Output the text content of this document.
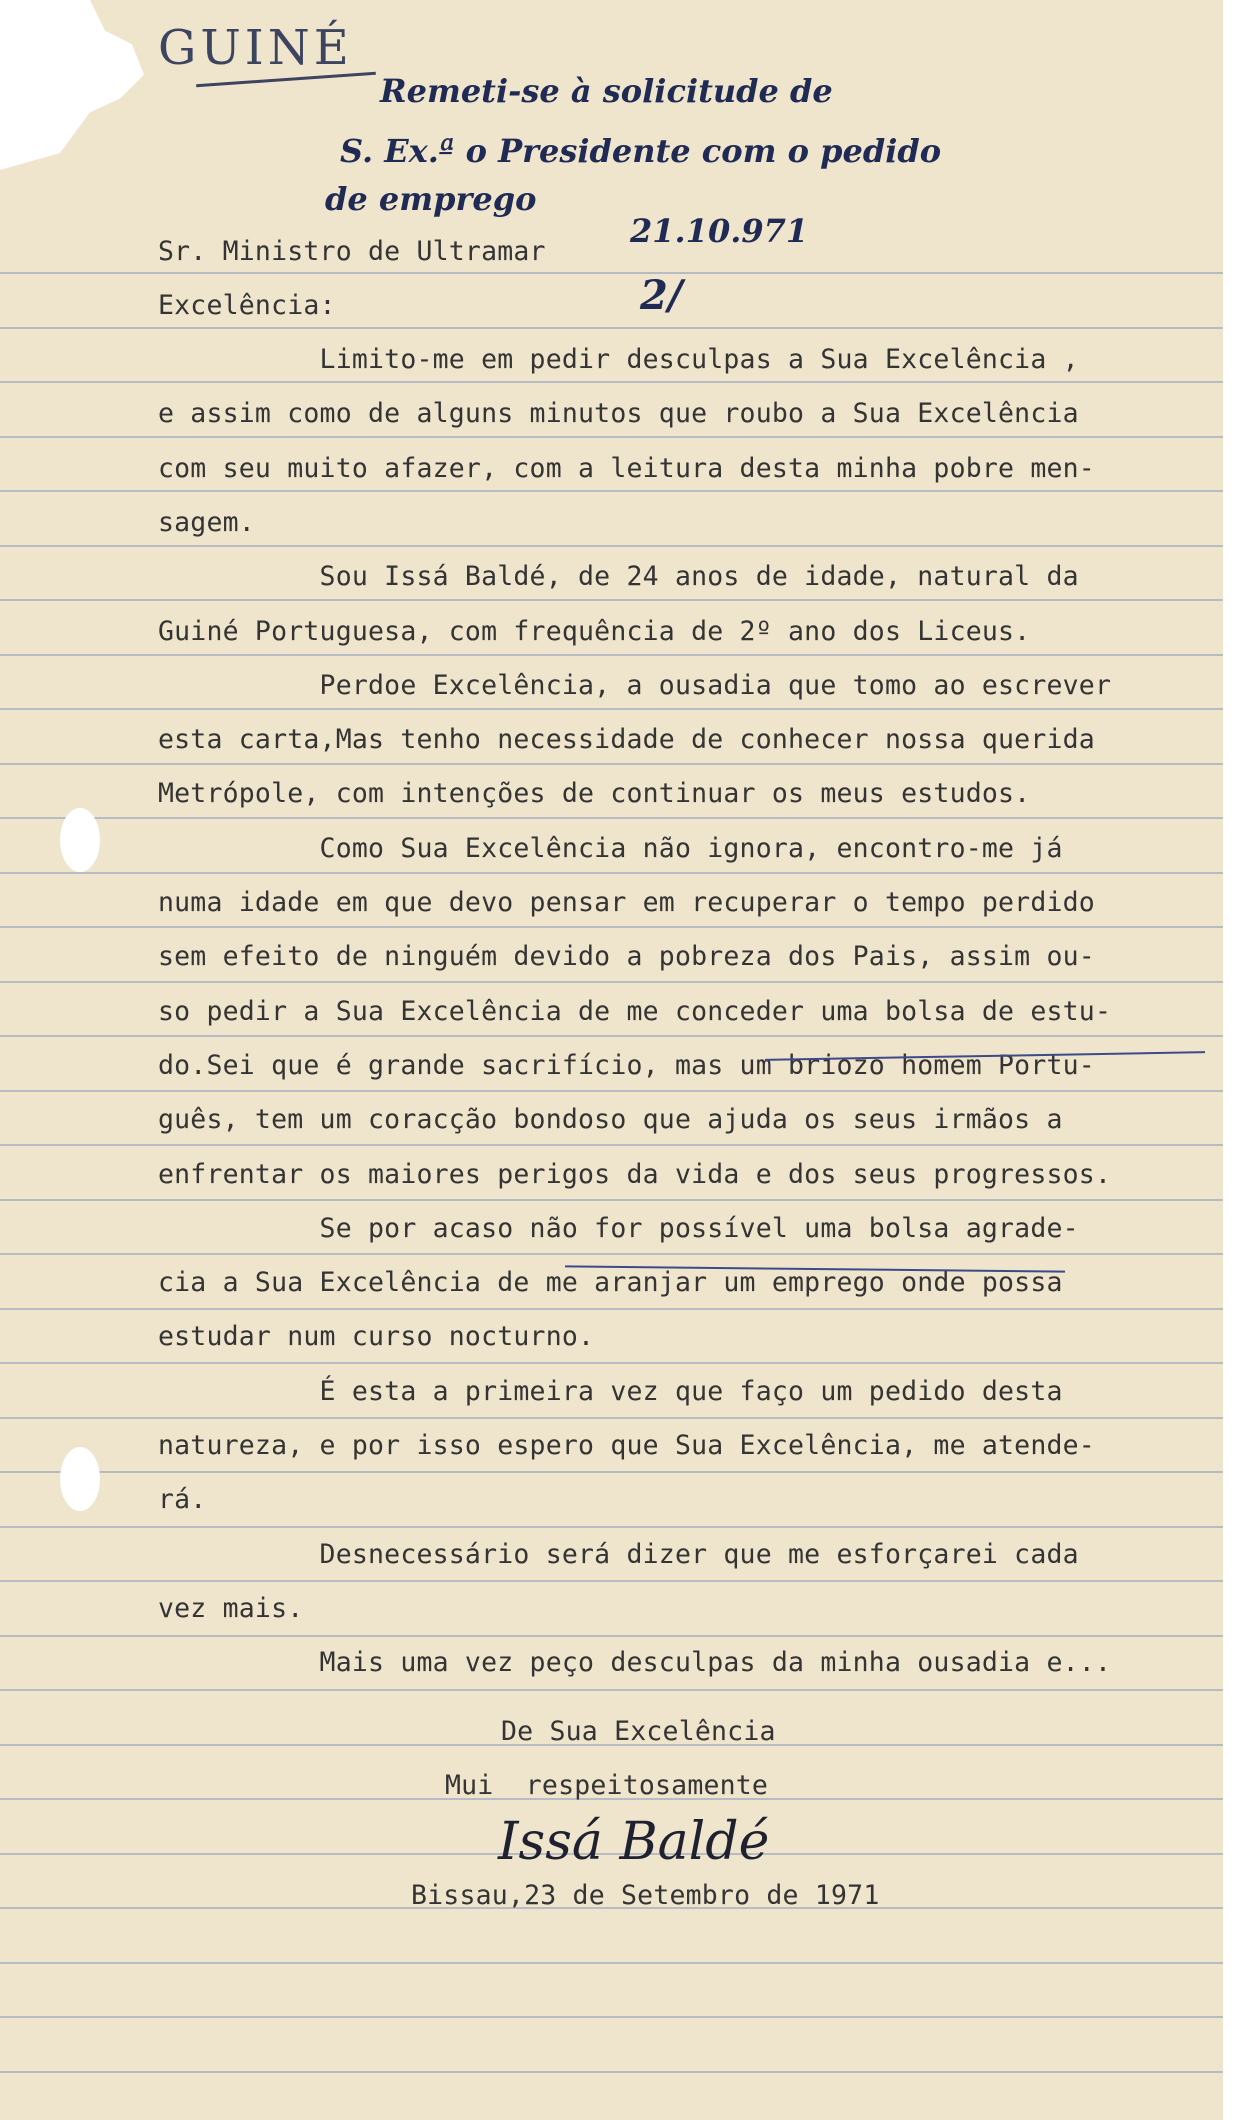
GUINÉ
Remeti-se à solicitude de
S. Ex.ª o Presidente com o pedido
de emprego
21.10.971
2/
Sr. Ministro de Ultramar
Excelência:
Limito-me em pedir desculpas a Sua Excelência ,
e assim como de alguns minutos que roubo a Sua Excelência
com seu muito afazer, com a leitura desta minha pobre men-
sagem.
Sou Issá Baldé, de 24 anos de idade, natural da
Guiné Portuguesa, com frequência de 2º ano dos Liceus.
Perdoe Excelência, a ousadia que tomo ao escrever
esta carta,Mas tenho necessidade de conhecer nossa querida
Metrópole, com intenções de continuar os meus estudos.
Como Sua Excelência não ignora, encontro-me já
numa idade em que devo pensar em recuperar o tempo perdido
sem efeito de ninguém devido a pobreza dos Pais, assim ou-
so pedir a Sua Excelência de me conceder uma bolsa de estu-
do.Sei que é grande sacrifício, mas um briozo homem Portu-
guês, tem um coracção bondoso que ajuda os seus irmãos a
enfrentar os maiores perigos da vida e dos seus progressos.
Se por acaso não for possível uma bolsa agrade-
cia a Sua Excelência de me aranjar um emprego onde possa
estudar num curso nocturno.
É esta a primeira vez que faço um pedido desta
natureza, e por isso espero que Sua Excelência, me atende-
rá.
Desnecessário será dizer que me esforçarei cada
vez mais.
Mais uma vez peço desculpas da minha ousadia e...
De Sua Excelência
Mui  respeitosamente
Issá Baldé
Bissau,23 de Setembro de 1971
